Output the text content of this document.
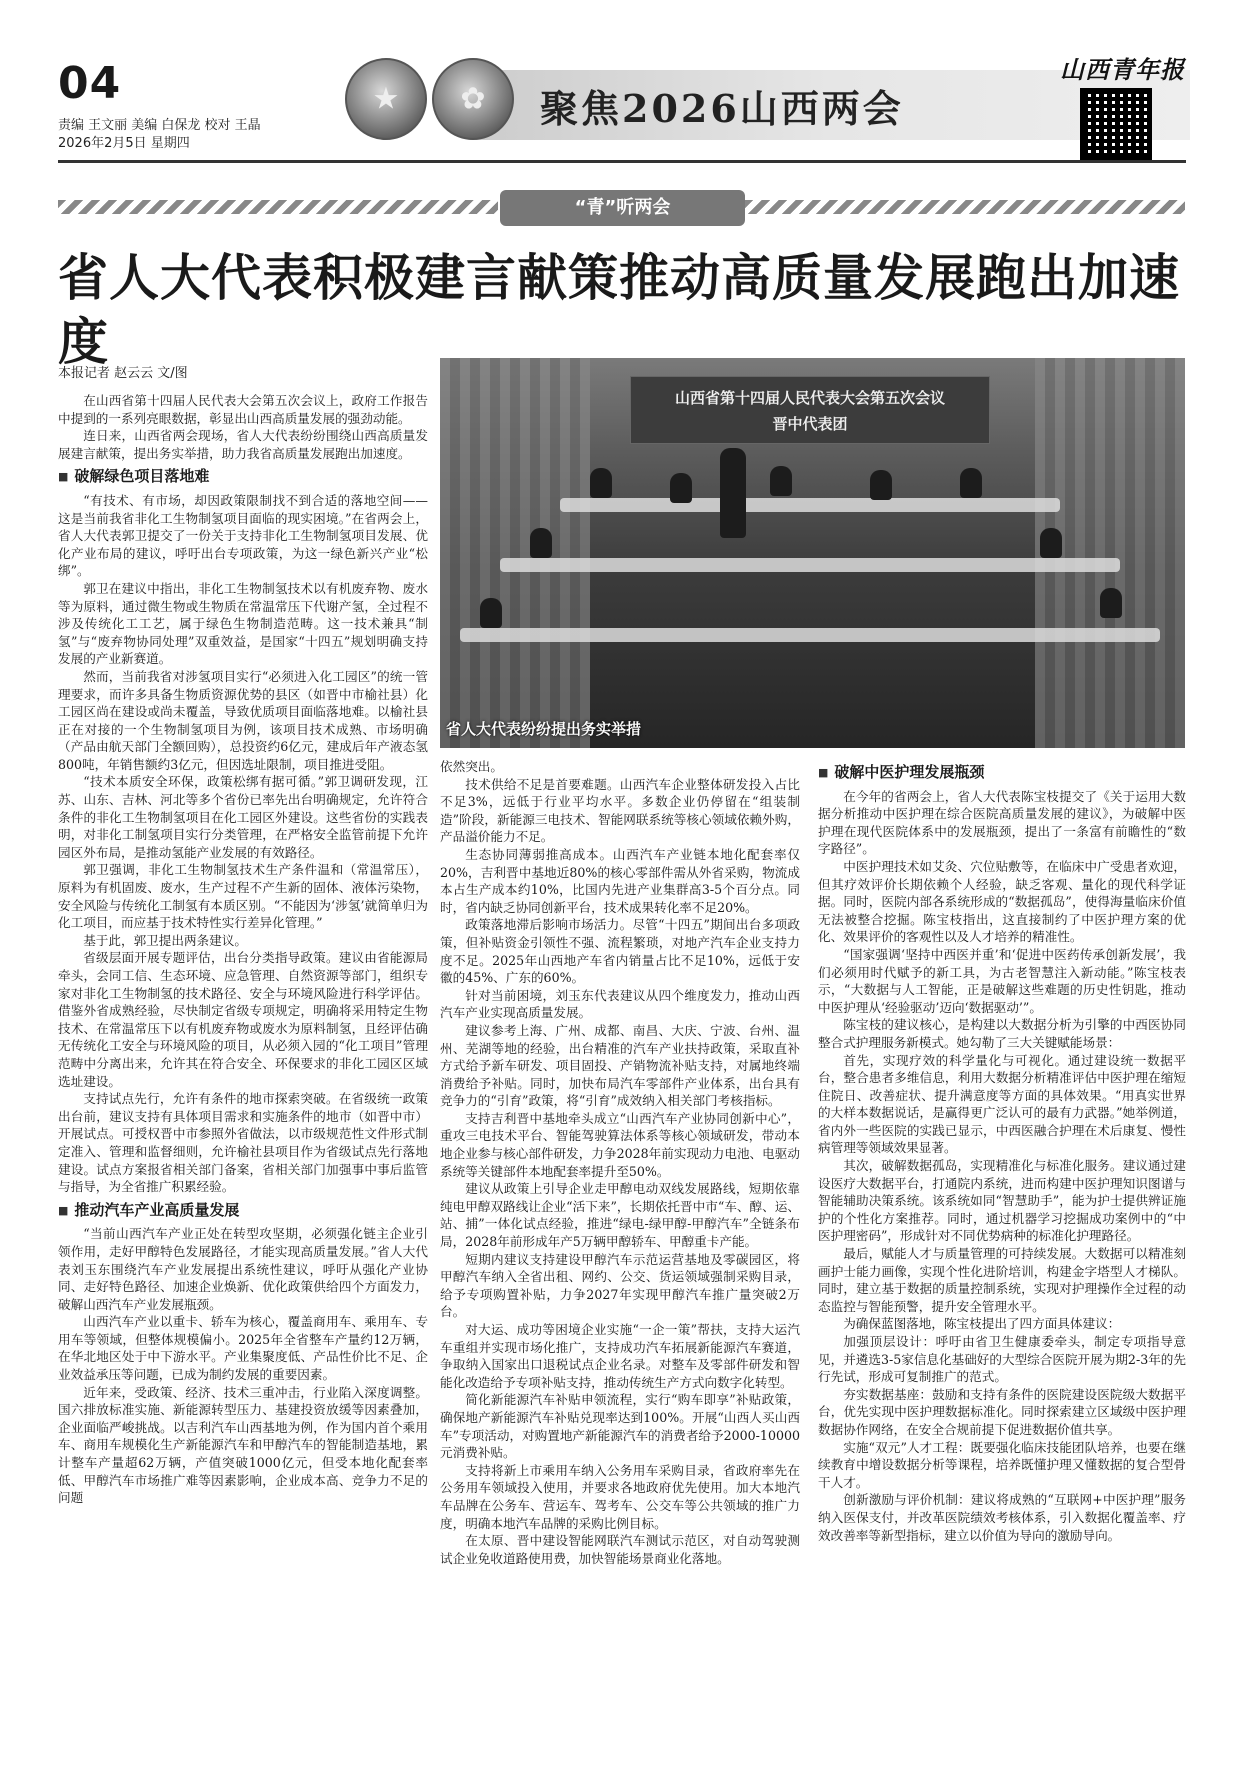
04
责编 王文丽 美编 白保龙 校对 王晶
2026年2月5日 星期四
★ ✿ 聚焦2026山西两会
山西青年报
“青”听两会
省人大代表积极建言献策推动高质量发展跑出加速度
本报记者 赵云云 文/图
山西省第十四届人民代表大会第五次会议
晋中代表团
省人大代表纷纷提出务实举措

在山西省第十四届人民代表大会第五次会议上，政府工作报告中提到的一系列亮眼数据，彰显出山西高质量发展的强劲动能。

连日来，山西省两会现场，省人大代表纷纷围绕山西高质量发展建言献策，提出务实举措，助力我省高质量发展跑出加速度。

■ 破解绿色项目落地难

“有技术、有市场，却因政策限制找不到合适的落地空间——这是当前我省非化工生物制氢项目面临的现实困境。”在省两会上，省人大代表郭卫提交了一份关于支持非化工生物制氢项目发展、优化产业布局的建议，呼吁出台专项政策，为这一绿色新兴产业“松绑”。

郭卫在建议中指出，非化工生物制氢技术以有机废弃物、废水等为原料，通过微生物或生物质在常温常压下代谢产氢，全过程不涉及传统化工工艺，属于绿色生物制造范畴。这一技术兼具“制氢”与“废弃物协同处理”双重效益，是国家“十四五”规划明确支持发展的产业新赛道。

然而，当前我省对涉氢项目实行“必须进入化工园区”的统一管理要求，而许多具备生物质资源优势的县区（如晋中市榆社县）化工园区尚在建设或尚未覆盖，导致优质项目面临落地难。以榆社县正在对接的一个生物制氢项目为例，该项目技术成熟、市场明确（产品由航天部门全额回购），总投资约6亿元，建成后年产液态氢800吨，年销售额约3亿元，但因选址限制，项目推进受阻。

“技术本质安全环保，政策松绑有据可循。”郭卫调研发现，江苏、山东、吉林、河北等多个省份已率先出台明确规定，允许符合条件的非化工生物制氢项目在化工园区外建设。这些省份的实践表明，对非化工制氢项目实行分类管理，在严格安全监管前提下允许园区外布局，是推动氢能产业发展的有效路径。

郭卫强调，非化工生物制氢技术生产条件温和（常温常压），原料为有机固废、废水，生产过程不产生新的固体、液体污染物，安全风险与传统化工制氢有本质区别。“不能因为‘涉氢’就简单归为化工项目，而应基于技术特性实行差异化管理。”

基于此，郭卫提出两条建议。

省级层面开展专题评估，出台分类指导政策。建议由省能源局牵头，会同工信、生态环境、应急管理、自然资源等部门，组织专家对非化工生物制氢的技术路径、安全与环境风险进行科学评估。借鉴外省成熟经验，尽快制定省级专项规定，明确将采用特定生物技术、在常温常压下以有机废弃物或废水为原料制氢，且经评估确无传统化工安全与环境风险的项目，从必须入园的“化工项目”管理范畴中分离出来，允许其在符合安全、环保要求的非化工园区区域选址建设。

支持试点先行，允许有条件的地市探索突破。在省级统一政策出台前，建议支持有具体项目需求和实施条件的地市（如晋中市）开展试点。可授权晋中市参照外省做法，以市级规范性文件形式制定准入、管理和监督细则，允许榆社县项目作为省级试点先行落地建设。试点方案报省相关部门备案，省相关部门加强事中事后监管与指导，为全省推广积累经验。

■ 推动汽车产业高质量发展

“当前山西汽车产业正处在转型攻坚期，必须强化链主企业引领作用，走好甲醇特色发展路径，才能实现高质量发展。”省人大代表刘玉东围绕汽车产业发展提出系统性建议，呼吁从强化产业协同、走好特色路径、加速企业焕新、优化政策供给四个方面发力，破解山西汽车产业发展瓶颈。

山西汽车产业以重卡、轿车为核心，覆盖商用车、乘用车、专用车等领域，但整体规模偏小。2025年全省整车产量约12万辆，在华北地区处于中下游水平。产业集聚度低、产品性价比不足、企业效益承压等问题，已成为制约发展的重要因素。

近年来，受政策、经济、技术三重冲击，行业陷入深度调整。国六排放标准实施、新能源转型压力、基建投资放缓等因素叠加，企业面临严峻挑战。以吉利汽车山西基地为例，作为国内首个乘用车、商用车规模化生产新能源汽车和甲醇汽车的智能制造基地，累计整车产量超62万辆，产值突破1000亿元，但受本地化配套率低、甲醇汽车市场推广难等因素影响，企业成本高、竞争力不足的问题

依然突出。

技术供给不足是首要难题。山西汽车企业整体研发投入占比不足3%，远低于行业平均水平。多数企业仍停留在“组装制造”阶段，新能源三电技术、智能网联系统等核心领域依赖外购，产品溢价能力不足。

生态协同薄弱推高成本。山西汽车产业链本地化配套率仅20%，吉利晋中基地近80%的核心零部件需从外省采购，物流成本占生产成本约10%，比国内先进产业集群高3-5个百分点。同时，省内缺乏协同创新平台，技术成果转化率不足20%。

政策落地滞后影响市场活力。尽管“十四五”期间出台多项政策，但补贴资金引领性不强、流程繁琐，对地产汽车企业支持力度不足。2025年山西地产车省内销量占比不足10%，远低于安徽的45%、广东的60%。

针对当前困境，刘玉东代表建议从四个维度发力，推动山西汽车产业实现高质量发展。

建议参考上海、广州、成都、南昌、大庆、宁波、台州、温州、芜湖等地的经验，出台精准的汽车产业扶持政策，采取直补方式给予新车研发、项目固投、产销物流补贴支持，对属地终端消费给予补贴。同时，加快布局汽车零部件产业体系，出台具有竞争力的“引育”政策，将“引育”成效纳入相关部门考核指标。

支持吉利晋中基地牵头成立“山西汽车产业协同创新中心”，重攻三电技术平台、智能驾驶算法体系等核心领域研发，带动本地企业参与核心部件研发，力争2028年前实现动力电池、电驱动系统等关键部件本地配套率提升至50%。

建议从政策上引导企业走甲醇电动双线发展路线，短期依靠纯电甲醇双路线让企业“活下来”，长期依托晋中市“车、醇、运、站、捕”一体化试点经验，推进“绿电-绿甲醇-甲醇汽车”全链条布局，2028年前形成年产5万辆甲醇轿车、甲醇重卡产能。

短期内建议支持建设甲醇汽车示范运营基地及零碳园区，将甲醇汽车纳入全省出租、网约、公交、货运领域强制采购目录，给予专项购置补贴，力争2027年实现甲醇汽车推广量突破2万台。

对大运、成功等困境企业实施“一企一策”帮扶，支持大运汽车重组并实现市场化推广，支持成功汽车拓展新能源汽车赛道，争取纳入国家出口退税试点企业名录。对整车及零部件研发和智能化改造给予专项补贴支持，推动传统生产方式向数字化转型。

简化新能源汽车补贴申领流程，实行“购车即享”补贴政策，确保地产新能源汽车补贴兑现率达到100%。开展“山西人买山西车”专项活动，对购置地产新能源汽车的消费者给予2000-10000元消费补贴。

支持将新上市乘用车纳入公务用车采购目录，省政府率先在公务用车领域投入使用，并要求各地政府优先使用。加大本地汽车品牌在公务车、营运车、驾考车、公交车等公共领域的推广力度，明确本地汽车品牌的采购比例目标。

在太原、晋中建设智能网联汽车测试示范区，对自动驾驶测试企业免收道路使用费，加快智能场景商业化落地。

■ 破解中医护理发展瓶颈

在今年的省两会上，省人大代表陈宝枝提交了《关于运用大数据分析推动中医护理在综合医院高质量发展的建议》，为破解中医护理在现代医院体系中的发展瓶颈，提出了一条富有前瞻性的“数字路径”。

中医护理技术如艾灸、穴位贴敷等，在临床中广受患者欢迎，但其疗效评价长期依赖个人经验，缺乏客观、量化的现代科学证据。同时，医院内部各系统形成的“数据孤岛”，使得海量临床价值无法被整合挖掘。陈宝枝指出，这直接制约了中医护理方案的优化、效果评价的客观性以及人才培养的精准性。

“国家强调‘坚持中西医并重’和‘促进中医药传承创新发展’，我们必须用时代赋予的新工具，为古老智慧注入新动能。”陈宝枝表示，“大数据与人工智能，正是破解这些难题的历史性钥匙，推动中医护理从‘经验驱动’迈向‘数据驱动’”。

陈宝枝的建议核心，是构建以大数据分析为引擎的中西医协同整合式护理服务新模式。她勾勒了三大关键赋能场景：

首先，实现疗效的科学量化与可视化。通过建设统一数据平台，整合患者多维信息，利用大数据分析精准评估中医护理在缩短住院日、改善症状、提升满意度等方面的具体效果。“用真实世界的大样本数据说话，是赢得更广泛认可的最有力武器。”她举例道，省内外一些医院的实践已显示，中西医融合护理在术后康复、慢性病管理等领域效果显著。

其次，破解数据孤岛，实现精准化与标准化服务。建议通过建设医疗大数据平台，打通院内系统，进而构建中医护理知识图谱与智能辅助决策系统。该系统如同“智慧助手”，能为护士提供辨证施护的个性化方案推荐。同时，通过机器学习挖掘成功案例中的“中医护理密码”，形成针对不同优势病种的标准化护理路径。

最后，赋能人才与质量管理的可持续发展。大数据可以精准刻画护士能力画像，实现个性化进阶培训，构建金字塔型人才梯队。同时，建立基于数据的质量控制系统，实现对护理操作全过程的动态监控与智能预警，提升安全管理水平。

为确保蓝图落地，陈宝枝提出了四方面具体建议：

加强顶层设计：呼吁由省卫生健康委牵头，制定专项指导意见，并遴选3-5家信息化基础好的大型综合医院开展为期2-3年的先行先试，形成可复制推广的范式。

夯实数据基座：鼓励和支持有条件的医院建设医院级大数据平台，优先实现中医护理数据标准化。同时探索建立区域级中医护理数据协作网络，在安全合规前提下促进数据价值共享。

实施“双元”人才工程：既要强化临床技能团队培养，也要在继续教育中增设数据分析等课程，培养既懂护理又懂数据的复合型骨干人才。

创新激励与评价机制：建议将成熟的“互联网+中医护理”服务纳入医保支付，并改革医院绩效考核体系，引入数据化覆盖率、疗效改善率等新型指标，建立以价值为导向的激励导向。
